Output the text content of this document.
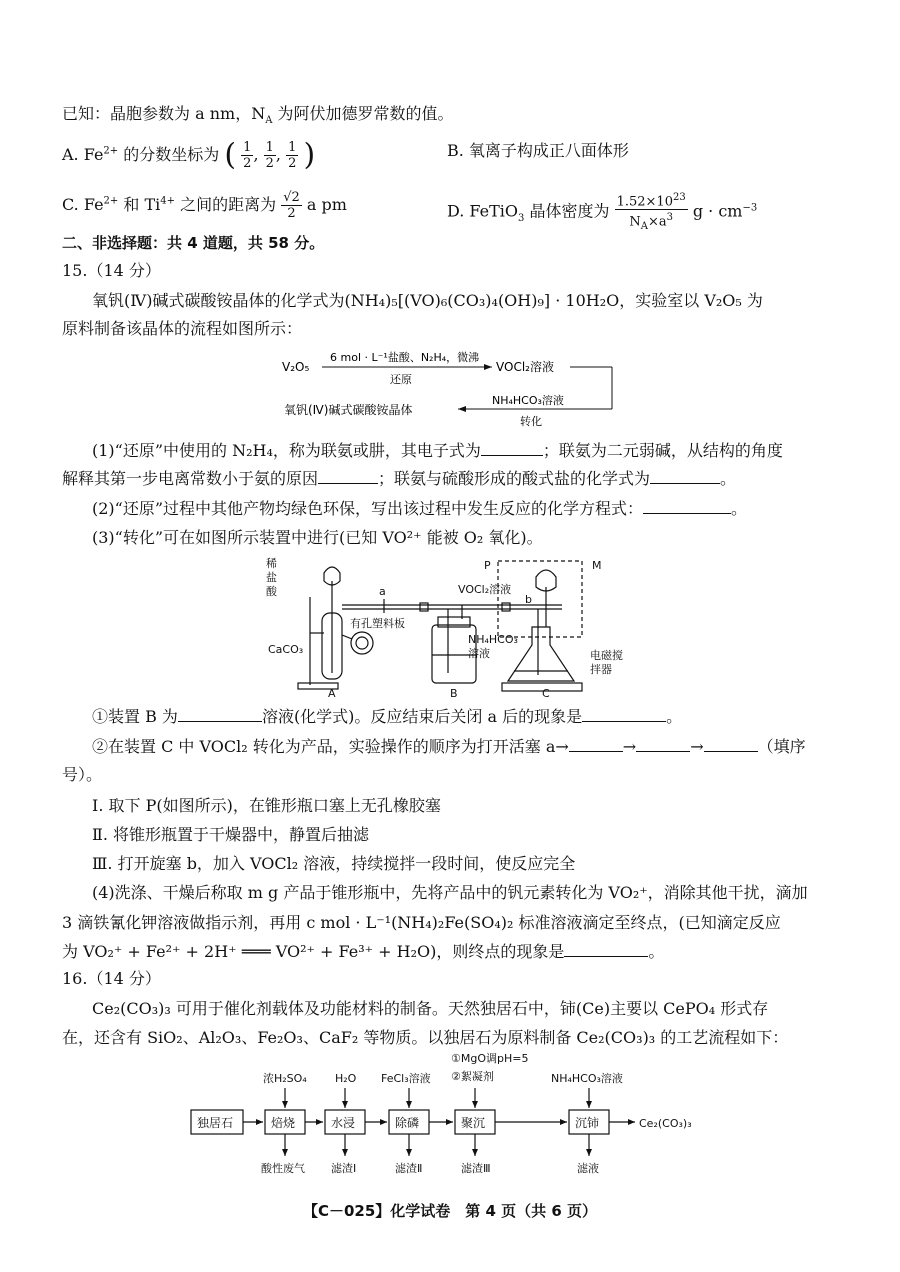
已知：晶胞参数为 a nm，$N_A$ 为阿伏加德罗常数的值。
A. $Fe^{2+}$ 的分数坐标为 ( $\frac{1}{2}$ , $\frac{1}{2}$ , $\frac{1}{2}$ )	B. 氧离子构成正八面体形
C. $Fe^{2+}$ 和 $Ti^{4+}$ 之间的距离为 $\frac{√2}{2}$ a pm	D. FeTiO$_3$ 晶体密度为 $\frac{1.52\times 10^{23}}{N_A\times a^3}$ $g \cdot cm^{-3}$
二、非选择题：共 4 道题，共 58 分。
15.（14 分）
氧钒(Ⅳ)碱式碳酸铵晶体的化学式为(NH₄)₅[(VO)₆(CO₃)₄(OH)₉] · 10H₂O，实验室以 V₂O₅ 为
原料制备该晶体的流程如图所示：
V₂O₅
6 mol · L⁻¹盐酸、N₂H₄，微沸
还原
VOCl₂溶液
NH₄HCO₃溶液
转化
氧钒(Ⅳ)碱式碳酸铵晶体
(1)“还原”中使用的 N₂H₄，称为联氨或肼，其电子式为	；联氨为二元弱碱，从结构的角度
解释其第一步电离常数小于氨的原因	；联氨与硫酸形成的酸式盐的化学式为	。
(2)“还原”过程中其他产物均绿色环保，写出该过程中发生反应的化学方程式：	。
(3)“转化”可在如图所示装置中进行(已知 VO²⁺ 能被 O₂ 氧化)。
稀
盐
酸	a
有孔塑料板
CaCO₃
A	B	C
NH₄HCO₃
溶液
VOCl₂溶液
b
P	M
电磁搅
拌器
①装置 B 为	溶液(化学式)。反应结束后关闭 a 后的现象是	。
②在装置 C 中 VOCl₂ 转化为产品，实验操作的顺序为打开活塞 a→	→	→	（填序
号）。
Ⅰ. 取下 P(如图所示)，在锥形瓶口塞上无孔橡胶塞
Ⅱ. 将锥形瓶置于干燥器中，静置后抽滤
Ⅲ. 打开旋塞 b，加入 VOCl₂ 溶液，持续搅拌一段时间，使反应完全
(4)洗涤、干燥后称取 m g 产品于锥形瓶中，先将产品中的钒元素转化为 VO₂⁺，消除其他干扰，滴加
3 滴铁氰化钾溶液做指示剂，再用 c mol · L⁻¹(NH₄)₂Fe(SO₄)₂ 标准溶液滴定至终点，(已知滴定反应
为 VO₂⁺ + Fe²⁺ + 2H⁺ ═══ VO²⁺ + Fe³⁺ + H₂O)，则终点的现象是	。
16.（14 分）
Ce₂(CO₃)₃ 可用于催化剂载体及功能材料的制备。天然独居石中，铈(Ce)主要以 CePO₄ 形式存
在，还含有 SiO₂、Al₂O₃、Fe₂O₃、CaF₂ 等物质。以独居石为原料制备 Ce₂(CO₃)₃ 的工艺流程如下：
独居石	焙烧	水浸	除磷	聚沉	沉铈	Ce₂(CO₃)₃
浓H₂SO₄	H₂O FeCl₃溶液
①MgO调pH=5
②絮凝剂	NH₄HCO₃溶液
酸性废气 滤渣Ⅰ	滤渣Ⅱ	滤渣Ⅲ	滤液
【C－025】化学试卷　第 4 页（共 6 页）
